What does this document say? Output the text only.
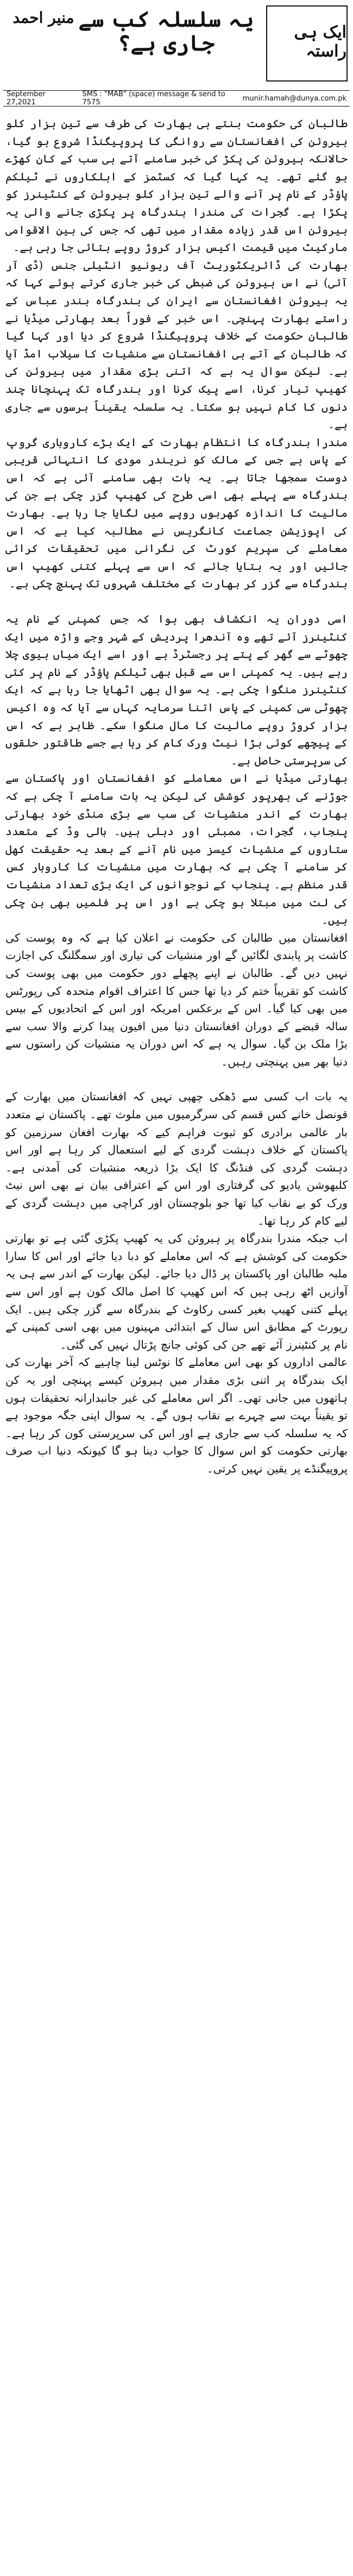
منیر احمد یہ سلسلہ کب سے جاری ہے؟	ایک ہی راستہ
September 27,2021
SMS : "MAB" (space) message & send to 7575	munir.hamah@dunya.com.pk

طالبان کی حکومت بنتے ہی بھارت کی طرف سے تین ہزار کلو ہیروئن کی افغانستان سے روانگی کا پروپیگنڈا شروع ہو گیا، حالانکہ ہیروئن کی پکڑ کی خبر سامنے آتے ہی سب کے کان کھڑے ہو گئے تھے۔ یہ کہا گیا کہ کسٹمز کے اہلکاروں نے ٹیلکم پاؤڈر کے نام پر آنے والے تین ہزار کلو ہیروئن کے کنٹینرز کو پکڑا ہے۔ گجرات کی مندرا بندرگاہ پر پکڑی جانے والی یہ ہیروئن اس قدر زیادہ مقدار میں تھی کہ جس کی بین الاقوامی مارکیٹ میں قیمت اکیس ہزار کروڑ روپے بتائی جا رہی ہے۔

بھارت کی ڈائریکٹوریٹ آف ریونیو انٹیلی جنس (ڈی آر آئی) نے اس ہیروئن کی ضبطی کی خبر جاری کرتے ہوئے کہا کہ یہ ہیروئن افغانستان سے ایران کی بندرگاہ بندر عباس کے راستے بھارت پہنچی۔ اس خبر کے فوراً بعد بھارتی میڈیا نے طالبان حکومت کے خلاف پروپیگنڈا شروع کر دیا اور کہا گیا کہ طالبان کے آتے ہی افغانستان سے منشیات کا سیلاب امڈ آیا ہے۔ لیکن سوال یہ ہے کہ اتنی بڑی مقدار میں ہیروئن کی کھیپ تیار کرنا، اسے پیک کرنا اور بندرگاہ تک پہنچانا چند دنوں کا کام نہیں ہو سکتا۔ یہ سلسلہ یقیناً برسوں سے جاری ہے۔

مندرا بندرگاہ کا انتظام بھارت کے ایک بڑے کاروباری گروپ کے پاس ہے جس کے مالک کو نریندر مودی کا انتہائی قریبی دوست سمجھا جاتا ہے۔ یہ بات بھی سامنے آئی ہے کہ اس بندرگاہ سے پہلے بھی اسی طرح کی کھیپ گزر چکی ہے جن کی مالیت کا اندازہ کھربوں روپے میں لگایا جا رہا ہے۔ بھارت کی اپوزیشن جماعت کانگریس نے مطالبہ کیا ہے کہ اس معاملے کی سپریم کورٹ کی نگرانی میں تحقیقات کرائی جائیں اور یہ بتایا جائے کہ اس سے پہلے کتنی کھیپ اس بندرگاہ سے گزر کر بھارت کے مختلف شہروں تک پہنچ چکی ہے۔

اسی دوران یہ انکشاف بھی ہوا کہ جس کمپنی کے نام یہ کنٹینرز آئے تھے وہ آندھرا پردیش کے شہر وجے واڑہ میں ایک چھوٹے سے گھر کے پتے پر رجسٹرڈ ہے اور اسے ایک میاں بیوی چلا رہے ہیں۔ یہ کمپنی اس سے قبل بھی ٹیلکم پاؤڈر کے نام پر کئی کنٹینرز منگوا چکی ہے۔ یہ سوال بھی اٹھایا جا رہا ہے کہ ایک چھوٹی سی کمپنی کے پاس اتنا سرمایہ کہاں سے آیا کہ وہ اکیس ہزار کروڑ روپے مالیت کا مال منگوا سکے۔ ظاہر ہے کہ اس کے پیچھے کوئی بڑا نیٹ ورک کام کر رہا ہے جسے طاقتور حلقوں کی سرپرستی حاصل ہے۔

بھارتی میڈیا نے اس معاملے کو افغانستان اور پاکستان سے جوڑنے کی بھرپور کوشش کی لیکن یہ بات سامنے آ چکی ہے کہ بھارت کے اندر منشیات کی سب سے بڑی منڈی خود بھارتی پنجاب، گجرات، ممبئی اور دہلی ہیں۔ بالی وڈ کے متعدد ستاروں کے منشیات کیسز میں نام آنے کے بعد یہ حقیقت کھل کر سامنے آ چکی ہے کہ بھارت میں منشیات کا کاروبار کس قدر منظم ہے۔ پنجاب کے نوجوانوں کی ایک بڑی تعداد منشیات کی لت میں مبتلا ہو چکی ہے اور اس پر فلمیں بھی بن چکی ہیں۔

افغانستان میں طالبان کی حکومت نے اعلان کیا ہے کہ وہ پوست کی کاشت پر پابندی لگائیں گے اور منشیات کی تیاری اور سمگلنگ کی اجازت نہیں دیں گے۔ طالبان نے اپنے پچھلے دور حکومت میں بھی پوست کی کاشت کو تقریباً ختم کر دیا تھا جس کا اعتراف اقوام متحدہ کی رپورٹس میں بھی کیا گیا۔ اس کے برعکس امریکہ اور اس کے اتحادیوں کے بیس سالہ قبضے کے دوران افغانستان دنیا میں افیون پیدا کرنے والا سب سے بڑا ملک بن گیا۔ سوال یہ ہے کہ اس دوران یہ منشیات کن راستوں سے دنیا بھر میں پہنچتی رہیں۔

یہ بات اب کسی سے ڈھکی چھپی نہیں کہ افغانستان میں بھارت کے قونصل خانے کس قسم کی سرگرمیوں میں ملوث تھے۔ پاکستان نے متعدد بار عالمی برادری کو ثبوت فراہم کیے کہ بھارت افغان سرزمین کو پاکستان کے خلاف دہشت گردی کے لیے استعمال کر رہا ہے اور اس دہشت گردی کی فنڈنگ کا ایک بڑا ذریعہ منشیات کی آمدنی ہے۔ کلبھوشن یادیو کی گرفتاری اور اس کے اعترافی بیان نے بھی اس نیٹ ورک کو بے نقاب کیا تھا جو بلوچستان اور کراچی میں دہشت گردی کے لیے کام کر رہا تھا۔

اب جبکہ مندرا بندرگاہ پر ہیروئن کی یہ کھیپ پکڑی گئی ہے تو بھارتی حکومت کی کوشش ہے کہ اس معاملے کو دبا دیا جائے اور اس کا سارا ملبہ طالبان اور پاکستان پر ڈال دیا جائے۔ لیکن بھارت کے اندر سے ہی یہ آوازیں اٹھ رہی ہیں کہ اس کھیپ کا اصل مالک کون ہے اور اس سے پہلے کتنی کھیپ بغیر کسی رکاوٹ کے بندرگاہ سے گزر چکی ہیں۔ ایک رپورٹ کے مطابق اس سال کے ابتدائی مہینوں میں بھی اسی کمپنی کے نام پر کنٹینرز آئے تھے جن کی کوئی جانچ پڑتال نہیں کی گئی۔

عالمی اداروں کو بھی اس معاملے کا نوٹس لینا چاہیے کہ آخر بھارت کی ایک بندرگاہ پر اتنی بڑی مقدار میں ہیروئن کیسے پہنچی اور یہ کن ہاتھوں میں جانی تھی۔ اگر اس معاملے کی غیر جانبدارانہ تحقیقات ہوں تو یقیناً بہت سے چہرے بے نقاب ہوں گے۔ یہ سوال اپنی جگہ موجود ہے کہ یہ سلسلہ کب سے جاری ہے اور اس کی سرپرستی کون کر رہا ہے۔ بھارتی حکومت کو اس سوال کا جواب دینا ہو گا کیونکہ دنیا اب صرف پروپیگنڈے پر یقین نہیں کرتی۔
